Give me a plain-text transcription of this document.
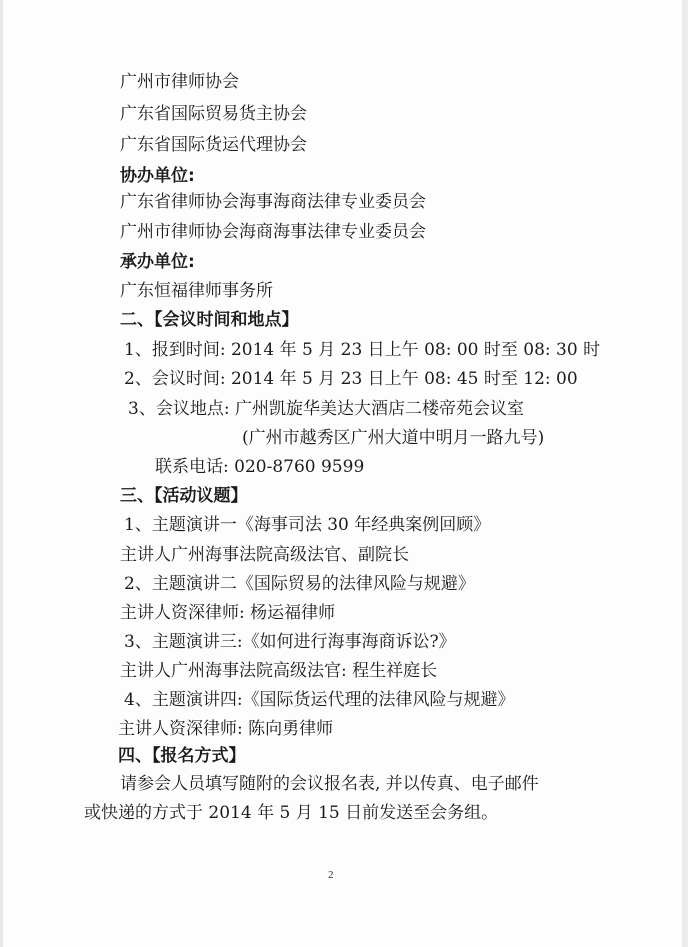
广州市律师协会
广东省国际贸易货主协会
广东省国际货运代理协会
协办单位:
广东省律师协会海事海商法律专业委员会
广州市律师协会海商海事法律专业委员会
承办单位:
广东恒福律师事务所
二、【会议时间和地点】
1、报到时间: 2014 年 5 月 23 日上午 08: 00 时至 08: 30 时
2、会议时间: 2014 年 5 月 23 日上午 08: 45 时至 12: 00
3、会议地点: 广州凯旋华美达大酒店二楼帝苑会议室
(广州市越秀区广州大道中明月一路九号)
联系电话: 020-8760 9599
三、【活动议题】
1、主题演讲一《海事司法 30 年经典案例回顾》
主讲人广州海事法院高级法官、副院长
2、主题演讲二《国际贸易的法律风险与规避》
主讲人资深律师: 杨运福律师
3、主题演讲三:《如何进行海事海商诉讼?》
主讲人广州海事法院高级法官: 程生祥庭长
4、主题演讲四:《国际货运代理的法律风险与规避》
主讲人资深律师: 陈向勇律师
四、【报名方式】
请参会人员填写随附的会议报名表, 并以传真、电子邮件
或快递的方式于 2014 年 5 月 15 日前发送至会务组。
2
